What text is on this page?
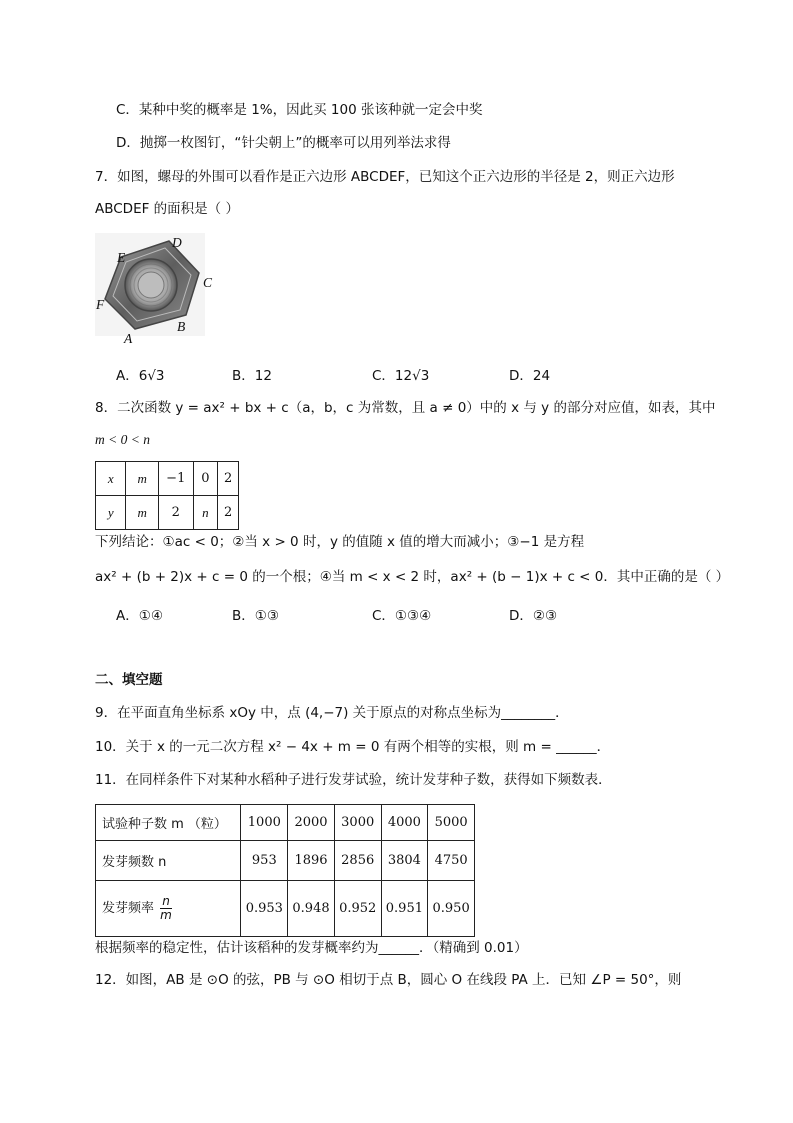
C．某种中奖的概率是 1%，因此买 100 张该种就一定会中奖
D．抛掷一枚图钉，“针尖朝上”的概率可以用列举法求得
7．如图，螺母的外围可以看作是正六边形 ABCDEF，已知这个正六边形的半径是 2，则正六边形
ABCDEF 的面积是（ ）
D
E
C
F
B
A
A．6√3	B．12	C．12√3	D．24
8．二次函数 y = ax² + bx + c（a，b，c 为常数，且 a ≠ 0）中的 x 与 y 的部分对应值，如表，其中
m < 0 < n
x	m	−1	0	2
y	m	2	n	2
下列结论：①ac < 0；②当 x > 0 时，y 的值随 x 值的增大而减小；③−1 是方程
ax² + (b + 2)x + c = 0 的一个根；④当 m < x < 2 时，ax² + (b − 1)x + c < 0．其中正确的是（ ）
A．①④	B．①③	C．①③④	D．②③
二、填空题
9．在平面直角坐标系 xOy 中，点 (4,−7) 关于原点的对称点坐标为________．
10．关于 x 的一元二次方程 x² − 4x + m = 0 有两个相等的实根，则 m = ______．
11．在同样条件下对某种水稻种子进行发芽试验，统计发芽种子数，获得如下频数表．
试验种子数 m （粒）	1000	2000	3000	4000	5000
发芽频数 n	953	1896	2856	3804	4750
发芽频率 $\frac{n}{m}$	0.953	0.948	0.952	0.951	0.950
根据频率的稳定性，估计该稻种的发芽概率约为______．（精确到 0.01）
12．如图，AB 是 ⊙O 的弦，PB 与 ⊙O 相切于点 B，圆心 O 在线段 PA 上．已知 ∠P = 50°，则
